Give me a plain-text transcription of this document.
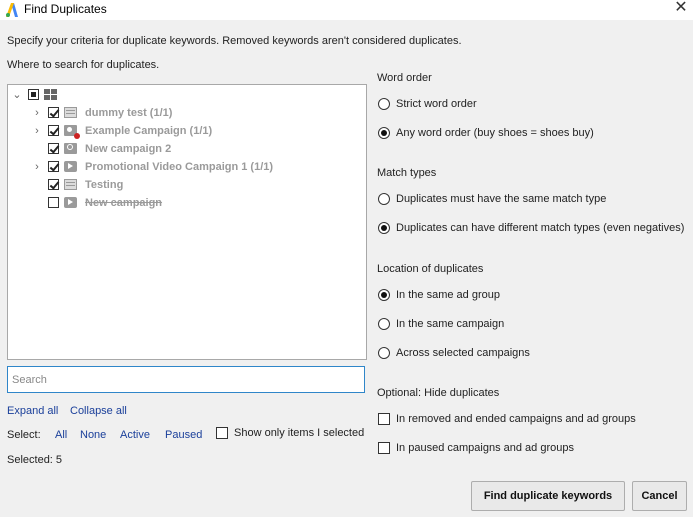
Find Duplicates	✕
Specify your criteria for duplicate keywords. Removed keywords aren't considered duplicates.
Where to search for duplicates.
⌄
›	dummy test (1/1)
›	Example Campaign (1/1)
New campaign 2
›	Promotional Video Campaign 1 (1/1)
Testing
New campaign
Search
Expand all Collapse all
Select: All None Active Paused	Show only items I selected
Selected: 5
Word order
Strict word order
Any word order (buy shoes = shoes buy)
Match types
Duplicates must have the same match type
Duplicates can have different match types (even negatives)
Location of duplicates
In the same ad group
In the same campaign
Across selected campaigns
Optional: Hide duplicates
In removed and ended campaigns and ad groups
In paused campaigns and ad groups
Find duplicate keywords	Cancel
